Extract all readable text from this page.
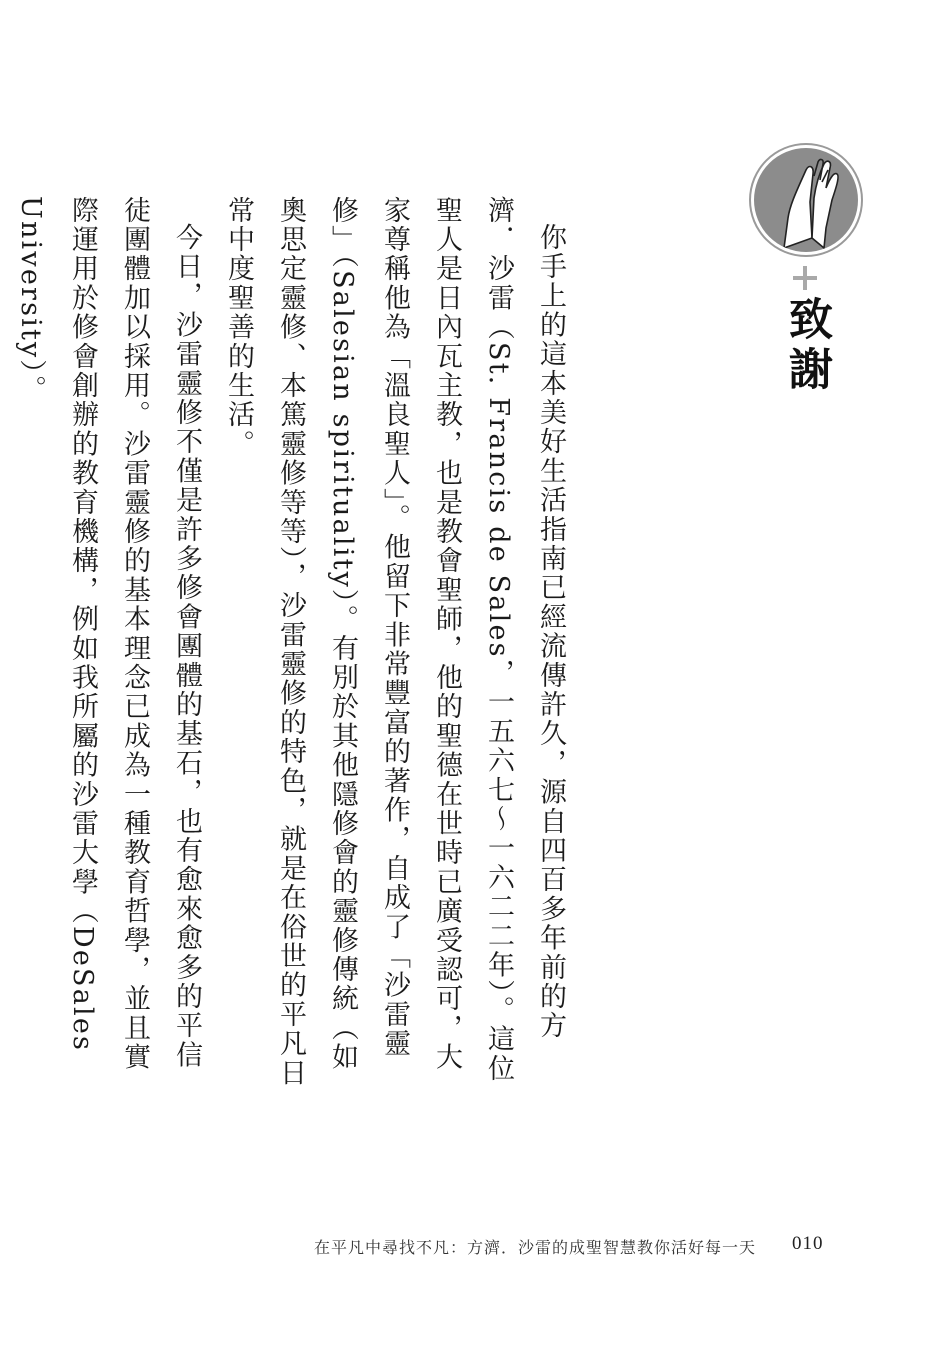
致謝

你手上的這本美好生活指南已經流傳許久，源自四百多年前的方濟．沙雷（St. Francis de Sales，一五六七～一六二二年）。這位聖人是日內瓦主教，也是教會聖師，他的聖德在世時已廣受認可，大家尊稱他為「溫良聖人」。他留下非常豐富的著作，自成了「沙雷靈修」（Salesian spirituality）。有別於其他隱修會的靈修傳統（如奧思定靈修、本篤靈修等等），沙雷靈修的特色，就是在俗世的平凡日常中度聖善的生活。

今日，沙雷靈修不僅是許多修會團體的基石，也有愈來愈多的平信徒團體加以採用。沙雷靈修的基本理念已成為一種教育哲學，並且實際運用於修會創辦的教育機構，例如我所屬的沙雷大學（DeSales University）。

在平凡中尋找不凡：方濟．沙雷的成聖智慧教你活好每一天 010
